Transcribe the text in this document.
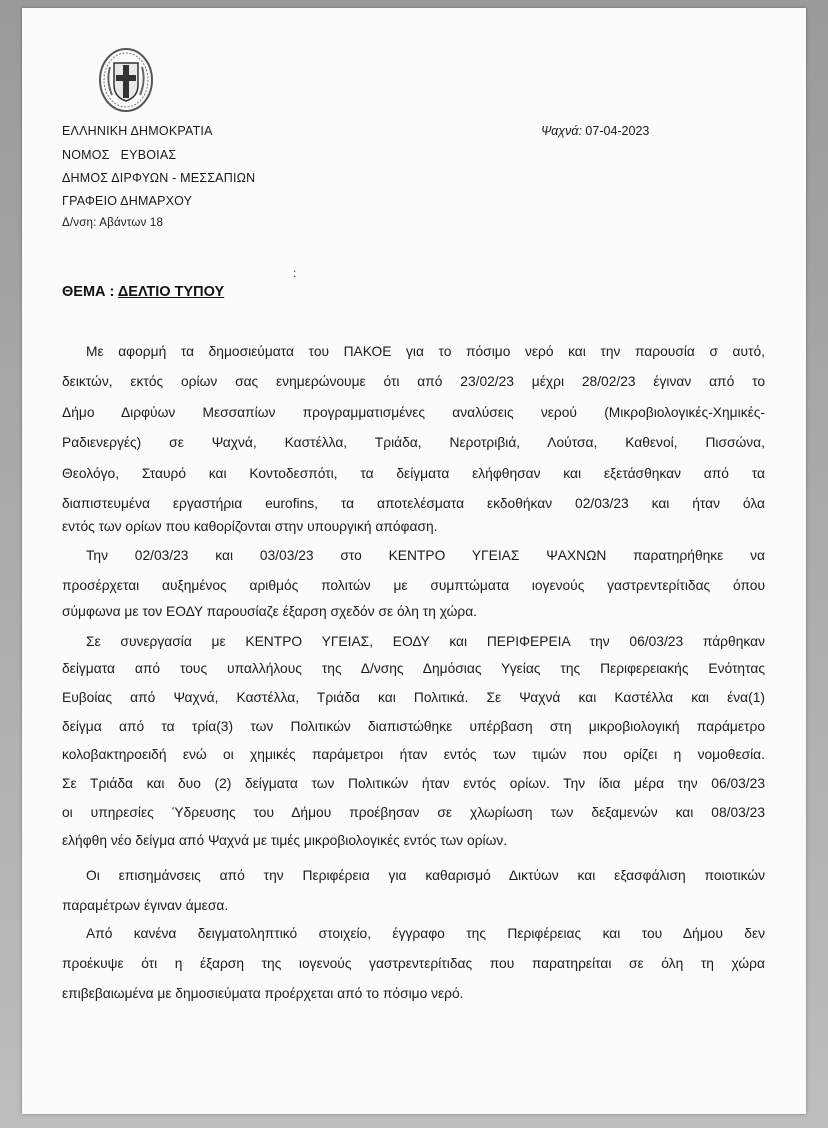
ΕΛΛΗΝΙΚΗ ΔΗΜΟΚΡΑΤΙΑ
ΝΟΜΟΣ   ΕΥΒΟΙΑΣ
ΔΗΜΟΣ ΔΙΡΦΥΩΝ - ΜΕΣΣΑΠΙΩΝ
ΓΡΑΦΕΙΟ ΔΗΜΑΡΧΟΥ
Δ/νση: Αβάντων 18
Ψαχνά: 07-04-2023
:
ΘΕΜΑ : ΔΕΛΤΙΟ ΤΥΠΟΥ
Με αφορμή τα δημοσιεύματα του ΠΑΚΟΕ για το πόσιμο νερό και την παρουσία σ αυτό,
δεικτών, εκτός ορίων σας ενημερώνουμε ότι από 23/02/23 μέχρι 28/02/23 έγιναν από το
Δήμο Διρφύων Μεσσαπίων προγραμματισμένες αναλύσεις νερού (Μικροβιολογικές-Χημικές-
Ραδιενεργές) σε Ψαχνά, Καστέλλα, Τριάδα, Νεροτριβιά, Λούτσα, Καθενοί, Πισσώνα,
Θεολόγο, Σταυρό και Κοντοδεσπότι, τα δείγματα ελήφθησαν και εξετάσθηκαν από τα
διαπιστευμένα εργαστήρια eurofins, τα αποτελέσματα εκδοθήκαν 02/03/23 και ήταν όλα
εντός των ορίων που καθορίζονται στην υπουργική απόφαση.
Την 02/03/23 και 03/03/23 στο ΚΕΝΤΡΟ ΥΓΕΙΑΣ ΨΑΧΝΩΝ παρατηρήθηκε να
προσέρχεται αυξημένος αριθμός πολιτών με συμπτώματα ιογενούς γαστρεντερίτιδας όπου
σύμφωνα με τον ΕΟΔΥ παρουσίαζε έξαρση σχεδόν σε όλη τη χώρα.
Σε συνεργασία με ΚΕΝΤΡΟ ΥΓΕΙΑΣ, ΕΟΔΥ και ΠΕΡΙΦΕΡΕΙΑ την 06/03/23 πάρθηκαν
δείγματα από τους υπαλλήλους της Δ/νσης Δημόσιας Υγείας της Περιφερειακής Ενότητας
Ευβοίας από Ψαχνά, Καστέλλα, Τριάδα και Πολιτικά. Σε Ψαχνά και Καστέλλα και ένα(1)
δείγμα από τα τρία(3) των Πολιτικών διαπιστώθηκε υπέρβαση στη μικροβιολογική παράμετρο
κολοβακτηροειδή ενώ οι χημικές παράμετροι ήταν εντός των τιμών που ορίζει η νομοθεσία.
Σε Τριάδα και δυο (2) δείγματα των Πολιτικών ήταν εντός ορίων. Την ίδια μέρα την 06/03/23
οι υπηρεσίες Ύδρευσης του Δήμου προέβησαν σε χλωρίωση των δεξαμενών και 08/03/23
ελήφθη νέο δείγμα από Ψαχνά με τιμές μικροβιολογικές εντός των ορίων.
Οι επισημάνσεις από την Περιφέρεια για καθαρισμό Δικτύων και εξασφάλιση ποιοτικών
παραμέτρων έγιναν άμεσα.
Από κανένα δειγματοληπτικό στοιχείο, έγγραφο της Περιφέρειας και του Δήμου δεν
προέκυψε ότι η έξαρση της ιογενούς γαστρεντερίτιδας που παρατηρείται σε όλη τη χώρα
επιβεβαιωμένα με δημοσιεύματα προέρχεται από το πόσιμο νερό.
